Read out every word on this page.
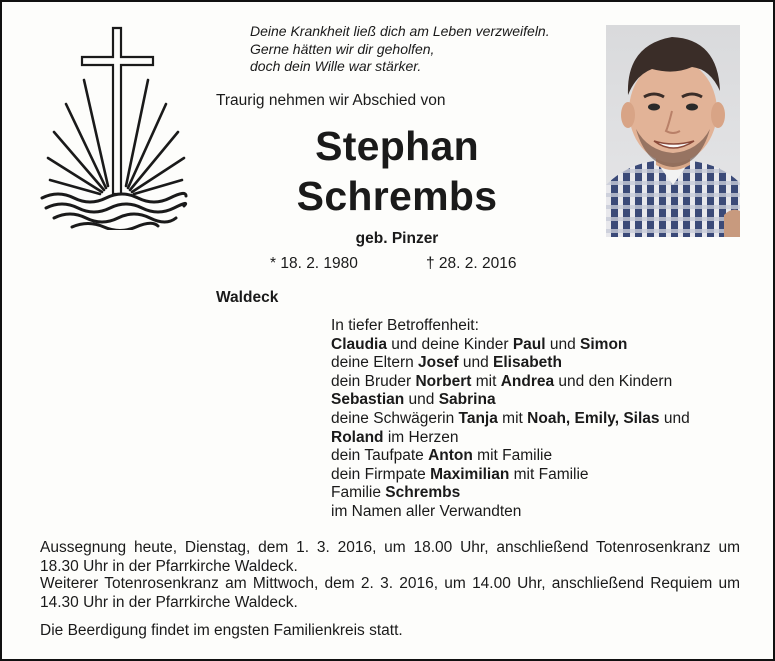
Deine Krankheit ließ dich am Leben verzweifeln.
Gerne hätten wir dir geholfen,
doch dein Wille war stärker.
Traurig nehmen wir Abschied von
Stephan
Schrembs
geb. Pinzer
* 18. 2. 1980	† 28. 2. 2016
Waldeck
In tiefer Betroffenheit:
Claudia und deine Kinder Paul und Simon
deine Eltern Josef und Elisabeth
dein Bruder Norbert mit Andrea und den Kindern
Sebastian und Sabrina
deine Schwägerin Tanja mit Noah, Emily, Silas und
Roland im Herzen
dein Taufpate Anton mit Familie
dein Firmpate Maximilian mit Familie
Familie Schrembs
im Namen aller Verwandten
Aussegnung heute, Dienstag, dem 1. 3. 2016, um 18.00 Uhr, anschließend Totenrosenkranz um 18.30 Uhr in der Pfarrkirche Waldeck.
Weiterer Totenrosenkranz am Mittwoch, dem 2. 3. 2016, um 14.00 Uhr, anschließend Requiem um 14.30 Uhr in der Pfarrkirche Waldeck.
Die Beerdigung findet im engsten Familienkreis statt.
